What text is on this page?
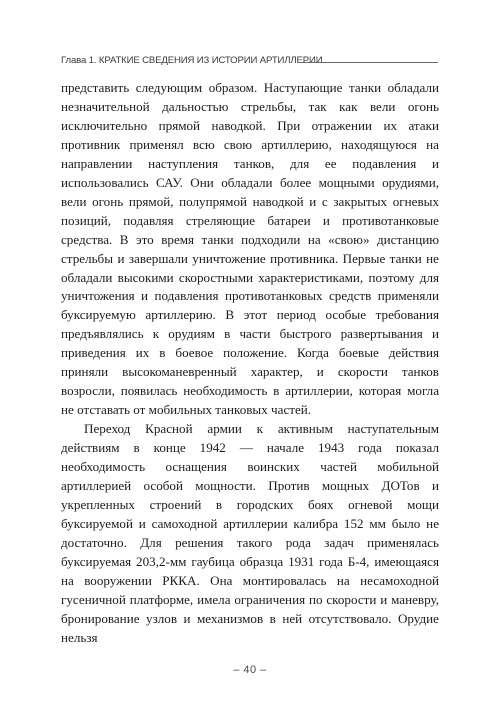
Глава 1. КРАТКИЕ СВЕДЕНИЯ ИЗ ИСТОРИИ АРТИЛЛЕРИИ

представить следующим образом. Наступающие танки обладали незначительной дальностью стрельбы, так как вели огонь исключительно прямой наводкой. При отражении их атаки противник применял всю свою артиллерию, находящуюся на направлении наступления танков, для ее подавления и использовались САУ. Они обладали более мощными орудиями, вели огонь прямой, полупрямой наводкой и с закрытых огневых позиций, подавляя стреляющие батареи и противотанковые средства. В это время танки подходили на «свою» дистанцию стрельбы и завершали уничтожение противника. Первые танки не обладали высокими скоростными характеристиками, поэтому для уничтожения и подавления противотанковых средств применяли буксируемую артиллерию. В этот период особые требования предъявлялись к орудиям в части быстрого развертывания и приведения их в боевое положение. Когда боевые действия приняли высокоманевренный характер, и скорости танков возросли, появилась необходимость в артиллерии, которая могла не отставать от мобильных танковых частей.

Переход Красной армии к активным наступательным действиям в конце 1942 — начале 1943 года показал необходимость оснащения воинских частей мобильной артиллерией особой мощности. Против мощных ДОТов и укрепленных строений в городских боях огневой мощи буксируемой и самоходной артиллерии калибра 152 мм было не достаточно. Для решения такого рода задач применялась буксируемая 203,2-мм гаубица образца 1931 года Б-4, имеющаяся на вооружении РККА. Она монтировалась на несамоходной гусеничной платформе, имела ограничения по скорости и маневру, бронирование узлов и механизмов в ней отсутствовало. Орудие нельзя

– 40 –
